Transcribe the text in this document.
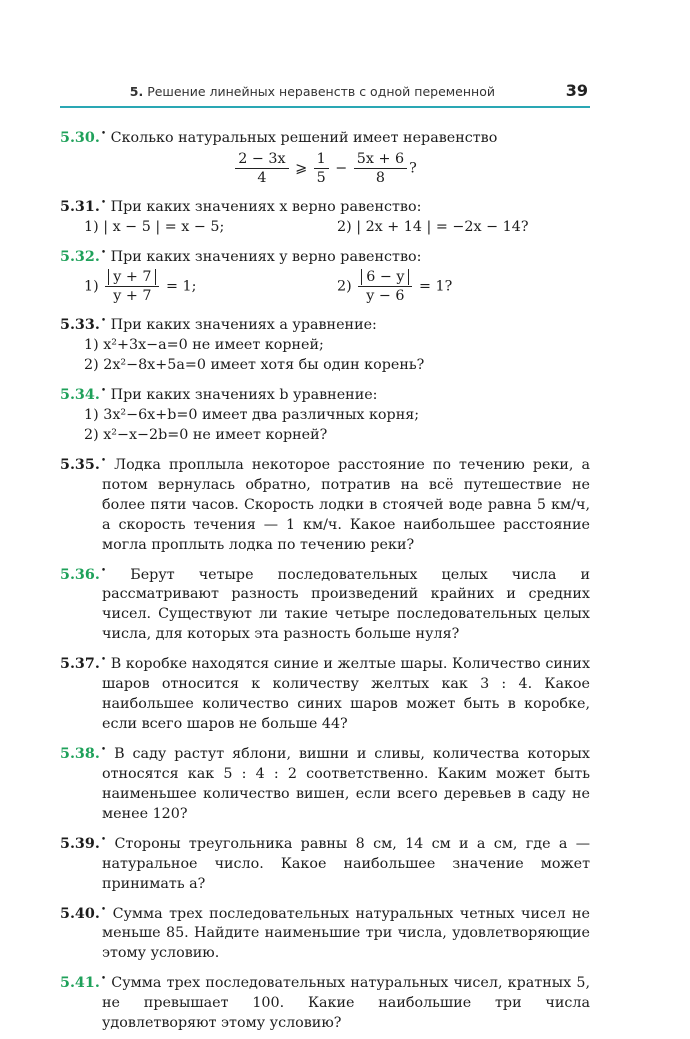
5. Решение линейных неравенств с одной переменной	39
5.30.• Сколько натуральных решений имеет неравенство
$\frac{2 - 3x}{4}$ ⩾ $\frac{1}{5} - \frac{5x + 6}{8}$ ?
5.31.• При каких значениях x верно равенство:
1) | x − 5 | = x − 5;	2) | 2x + 14 | = −2x − 14?
5.32.• При каких значениях y верно равенство:
$1) \frac{y + 7}{y + 7} = 1$;	$2) \frac{6 - y}{y - 6} = 1$?
5.33.• При каких значениях a уравнение:
1) x²+3x−a=0 не имеет корней;
2) 2x²−8x+5a=0 имеет хотя бы один корень?
5.34.• При каких значениях b уравнение:
1) 3x²−6x+b=0 имеет два различных корня;
2) x²−x−2b=0 не имеет корней?
5.35.• Лодка проплыла некоторое расстояние по течению реки, а потом вернулась обратно, потратив на всё путешествие не более пяти часов. Скорость лодки в стоячей воде равна 5 км/ч, а скорость течения — 1 км/ч. Какое наибольшее расстояние могла проплыть лодка по течению реки?
5.36.• Берут четыре последовательных целых числа и рассматривают разность произведений крайних и средних чисел. Существуют ли такие четыре последовательных целых числа, для которых эта разность больше нуля?
5.37.• В коробке находятся синие и желтые шары. Количество синих шаров относится к количеству желтых как 3 : 4. Какое наибольшее количество синих шаров может быть в коробке, если всего шаров не больше 44?
5.38.• В саду растут яблони, вишни и сливы, количества которых относятся как 5 : 4 : 2 соответственно. Каким может быть наименьшее количество вишен, если всего деревьев в саду не менее 120?
5.39.• Стороны треугольника равны 8 см, 14 см и a см, где a — натуральное число. Какое наибольшее значение может принимать a?
5.40.• Сумма трех последовательных натуральных четных чисел не меньше 85. Найдите наименьшие три числа, удовлетворяющие этому условию.
5.41.• Сумма трех последовательных натуральных чисел, кратных 5, не превышает 100. Какие наибольшие три числа удовлетворяют этому условию?
